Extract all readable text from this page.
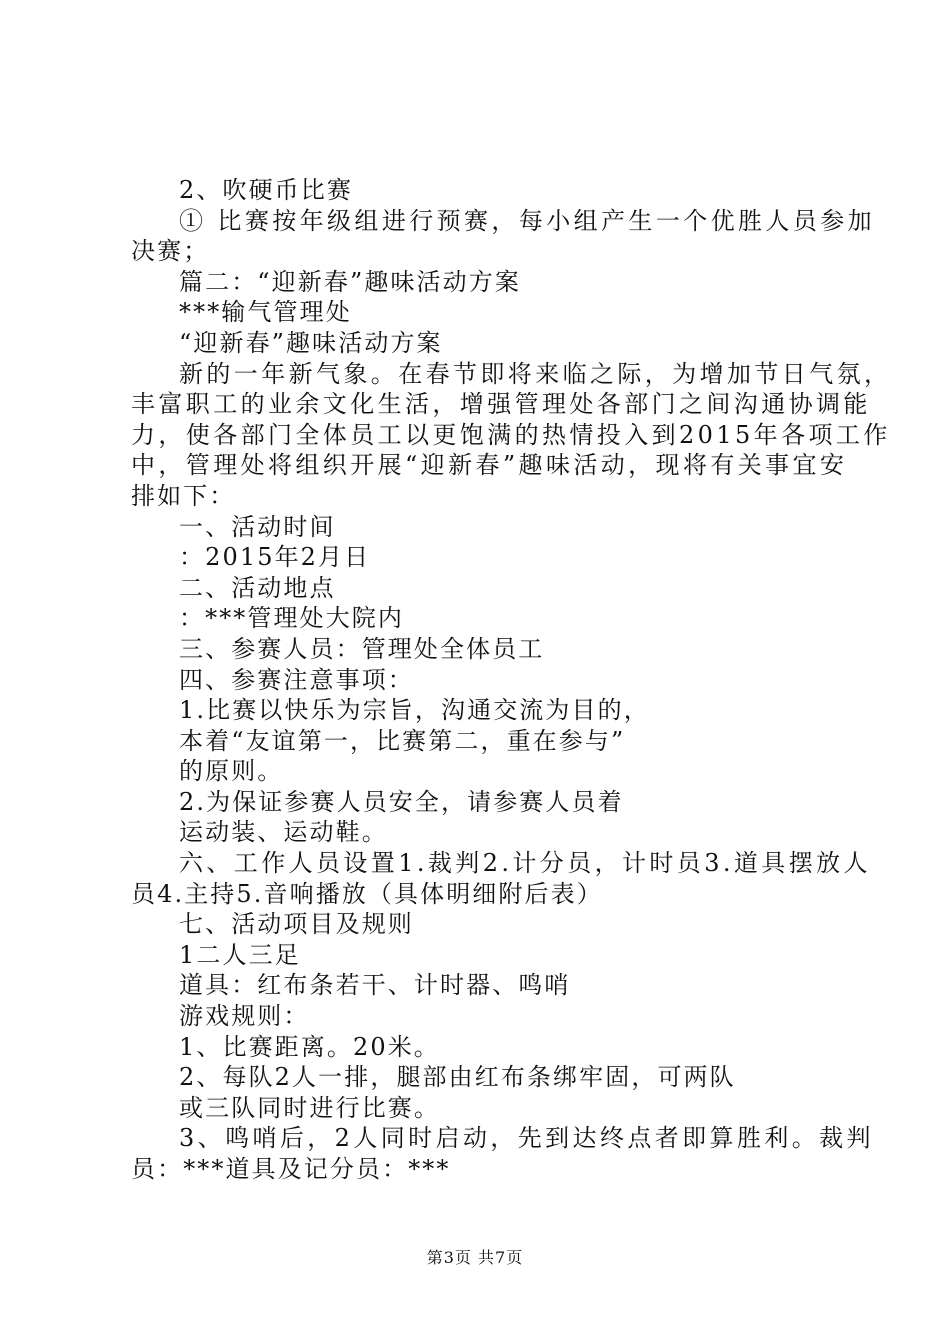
2、吹硬币比赛
① 比赛按年级组进行预赛，每小组产生一个优胜人员参加
决赛；
篇二：“迎新春”趣味活动方案
***输气管理处
“迎新春”趣味活动方案
新的一年新气象。在春节即将来临之际，为增加节日气氛，
丰富职工的业余文化生活，增强管理处各部门之间沟通协调能
力，使各部门全体员工以更饱满的热情投入到2015年各项工作
中，管理处将组织开展“迎新春”趣味活动，现将有关事宜安
排如下：
一、活动时间
：2015年2月日
二、活动地点
：***管理处大院内
三、参赛人员：管理处全体员工
四、参赛注意事项：
1.比赛以快乐为宗旨，沟通交流为目的，
本着“友谊第一，比赛第二，重在参与”
的原则。
2.为保证参赛人员安全，请参赛人员着
运动装、运动鞋。
六、工作人员设置1.裁判2.计分员，计时员3.道具摆放人
员4.主持5.音响播放（具体明细附后表）
七、活动项目及规则
1二人三足
道具：红布条若干、计时器、鸣哨
游戏规则：
1、比赛距离。20米。
2、每队2人一排，腿部由红布条绑牢固，可两队
或三队同时进行比赛。
3、鸣哨后，2人同时启动，先到达终点者即算胜利。裁判
员：***道具及记分员：***
第3页 共7页
